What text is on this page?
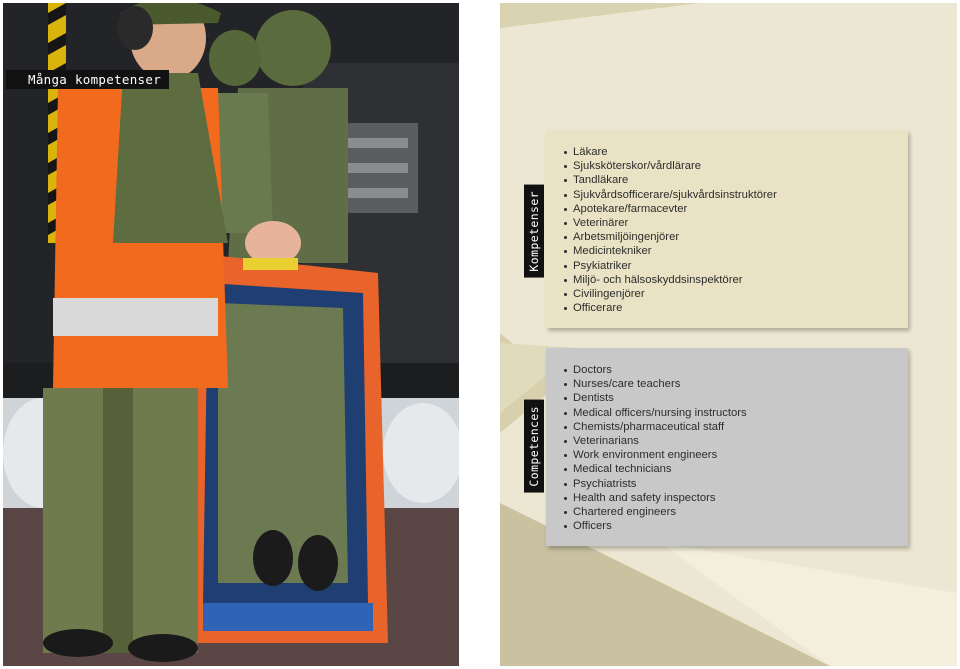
Många kompetenser
Läkare
Sjuksköterskor/vårdlärare
Tandläkare
Sjukvårdsofficerare/sjukvårdsinstruktörer
Apotekare/farmacevter
Veterinärer
Arbetsmiljöingenjörer
Medicintekniker
Psykiatriker
Miljö- och hälsoskyddsinspektörer
Civilingenjörer
Officerare
Kompetenser
Doctors
Nurses/care teachers
Dentists
Medical officers/nursing instructors
Chemists/pharmaceutical staff
Veterinarians
Work environment engineers
Medical technicians
Psychiatrists
Health and safety inspectors
Chartered engineers
Officers
Competences
